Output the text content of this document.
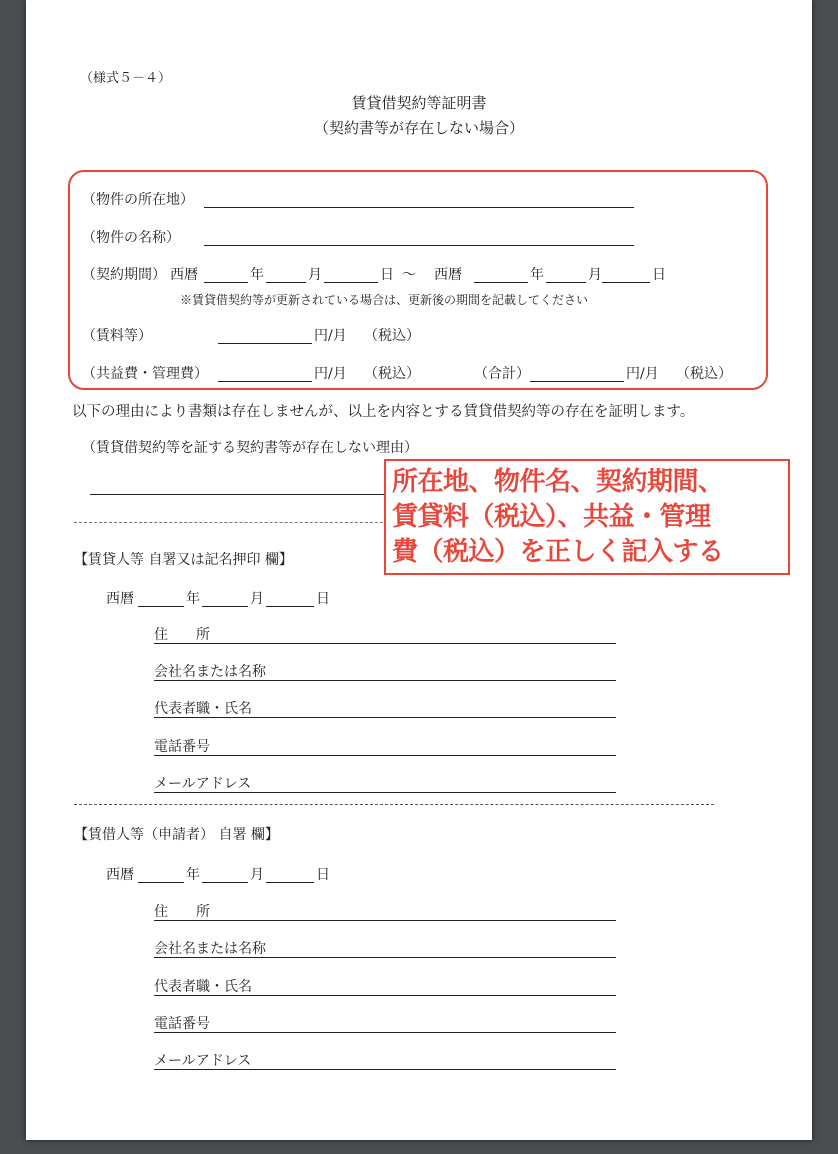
（様式５－４）
賃貸借契約等証明書
（契約書等が存在しない場合）
（物件の所在地）
（物件の名称）
（契約期間） 西暦	年	月	日 ～ 西暦	年	月	日
※賃貸借契約等が更新されている場合は、更新後の期間を記載してください
（賃料等）	円/月 （税込）
（共益費・管理費）	円/月 （税込）	（合計）	円/月 （税込）
以下の理由により書類は存在しませんが、以上を内容とする賃貸借契約等の存在を証明します。
（賃貸借契約等を証する契約書等が存在しない理由）
【賃貸人等 自署又は記名押印 欄】
西暦	年	月	日
住　　所
会社名または名称
代表者職・氏名
電話番号
メールアドレス
【賃借人等（申請者） 自署 欄】
西暦	年	月	日
住　　所
会社名または名称
代表者職・氏名
電話番号
メールアドレス
所在地、物件名、契約期間、
賃貸料（税込）、共益・管理
費（税込）を正しく記入する
